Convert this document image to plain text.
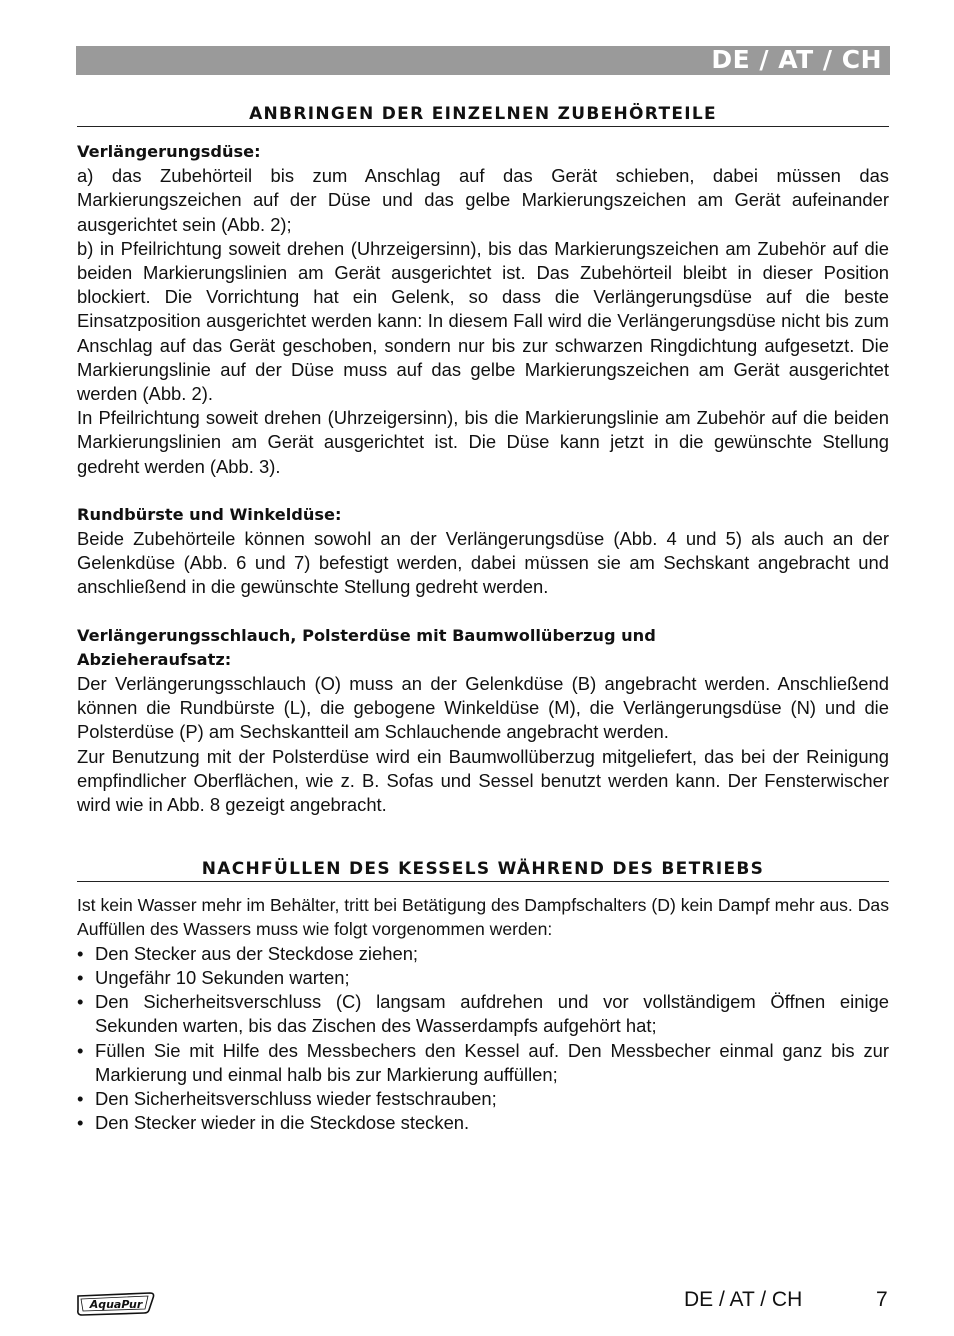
DE / AT / CH
ANBRINGEN DER EINZELNEN ZUBEHÖRTEILE

Verlängerungsdüse:

a) das Zubehörteil bis zum Anschlag auf das Gerät schieben, dabei müssen das Markierungszeichen auf der Düse und das gelbe Markierungszeichen am Gerät aufeinander ausgerichtet sein (Abb. 2);

b) in Pfeilrichtung soweit drehen (Uhrzeigersinn), bis das Markierungszeichen am Zubehör auf die beiden Markierungslinien am Gerät ausgerichtet ist. Das Zubehörteil bleibt in dieser Position blockiert. Die Vorrichtung hat ein Gelenk, so dass die Verlängerungsdüse auf die beste Einsatzposition ausgerichtet werden kann: In diesem Fall wird die Verlängerungsdüse nicht bis zum Anschlag auf das Gerät geschoben, sondern nur bis zur schwarzen Ringdichtung aufgesetzt. Die Markierungslinie auf der Düse muss auf das gelbe Markierungszeichen am Gerät ausgerichtet werden (Abb. 2).

In Pfeilrichtung soweit drehen (Uhrzeigersinn), bis die Markierungslinie am Zubehör auf die beiden Markierungslinien am Gerät ausgerichtet ist. Die Düse kann jetzt in die gewünschte Stellung gedreht werden (Abb. 3).

Rundbürste und Winkeldüse:

Beide Zubehörteile können sowohl an der Verlängerungsdüse (Abb. 4 und 5) als auch an der Gelenkdüse (Abb. 6 und 7) befestigt werden, dabei müssen sie am Sechskant angebracht und anschließend in die gewünschte Stellung gedreht werden.

Verlängerungsschlauch, Polsterdüse mit Baumwollüberzug und

Abzieheraufsatz:

Der Verlängerungsschlauch (O) muss an der Gelenkdüse (B) angebracht werden. Anschließend können die Rundbürste (L), die gebogene Winkeldüse (M), die Verlängerungsdüse (N) und die Polsterdüse (P) am Sechskantteil am Schlauchende angebracht werden.

Zur Benutzung mit der Polsterdüse wird ein Baumwollüberzug mitgeliefert, das bei der Reinigung empfindlicher Oberflächen, wie z. B. Sofas und Sessel benutzt werden kann. Der Fensterwischer wird wie in Abb. 8 gezeigt angebracht.

NACHFÜLLEN DES KESSELS WÄHREND DES BETRIEBS

Ist kein Wasser mehr im Behälter, tritt bei Betätigung des Dampfschalters (D) kein Dampf mehr aus. Das Auffüllen des Wassers muss wie folgt vorgenommen werden:

• Den Stecker aus der Steckdose ziehen;
• Ungefähr 10 Sekunden warten;
• Den Sicherheitsverschluss (C) langsam aufdrehen und vor vollständigem Öffnen einige Sekunden warten, bis das Zischen des Wasserdampfs aufgehört hat;
• Füllen Sie mit Hilfe des Messbechers den Kessel auf. Den Messbecher einmal ganz bis zur Markierung und einmal halb bis zur Markierung auffüllen;
• Den Sicherheitsverschluss wieder festschrauben;
• Den Stecker wieder in die Steckdose stecken.
AquaPur	DE / AT / CH	7
